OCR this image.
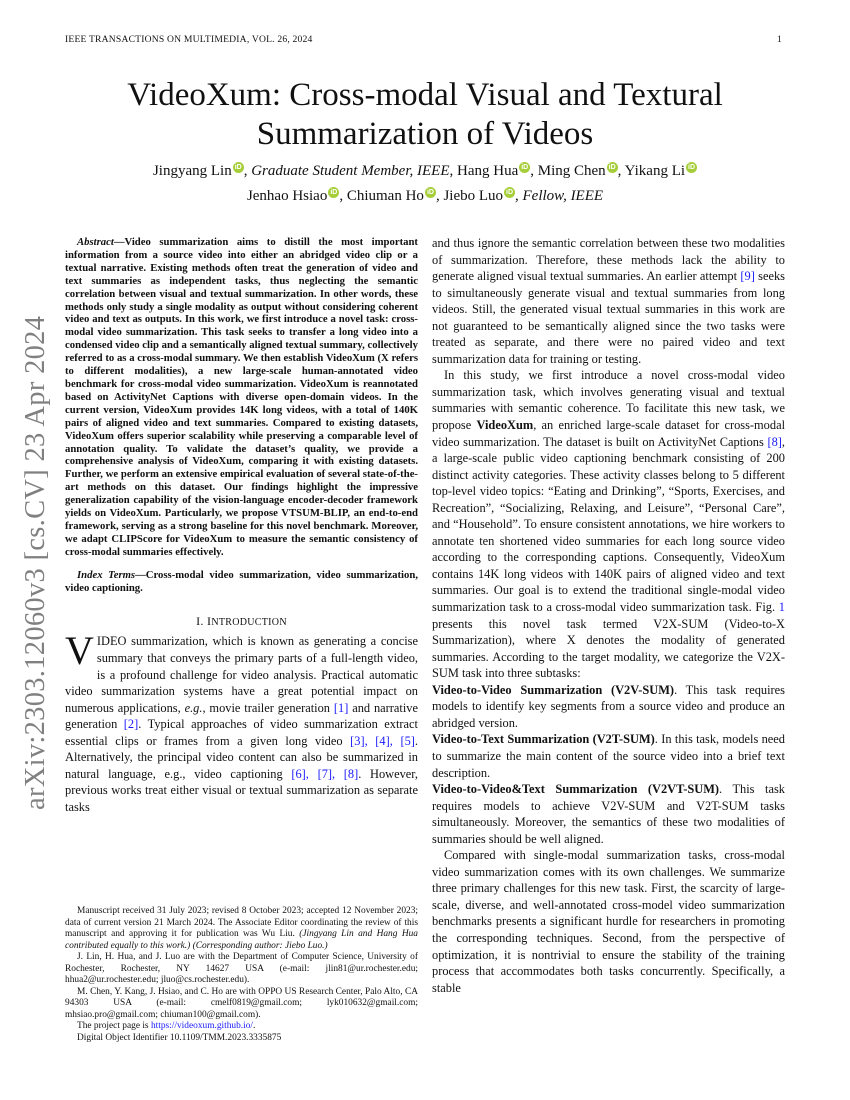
IEEE TRANSACTIONS ON MULTIMEDIA, VOL. 26, 2024	1
arXiv:2303.12060v3 [cs.CV] 23 Apr 2024
VideoXum: Cross-modal Visual and Textural
Summarization of Videos
Jingyang Lin iD , Graduate Student Member, IEEE, Hang Hua iD , Ming Chen iD , Yikang Li iD
Jenhao Hsiao iD , Chiuman Ho iD , Jiebo Luo iD , Fellow, IEEE

Abstract—Video summarization aims to distill the most important information from a source video into either an abridged video clip or a textual narrative. Existing methods often treat the generation of video and text summaries as independent tasks, thus neglecting the semantic correlation between visual and textual summarization. In other words, these methods only study a single modality as output without considering coherent video and text as outputs. In this work, we first introduce a novel task: cross-modal video summarization. This task seeks to transfer a long video into a condensed video clip and a semantically aligned textual summary, collectively referred to as a cross-modal summary. We then establish VideoXum (X refers to different modalities), a new large-scale human-annotated video benchmark for cross-modal video summarization. VideoXum is reannotated based on ActivityNet Captions with diverse open-domain videos. In the current version, VideoXum provides 14K long videos, with a total of 140K pairs of aligned video and text summaries. Compared to existing datasets, VideoXum offers superior scalability while preserving a comparable level of annotation quality. To validate the dataset’s quality, we provide a comprehensive analysis of VideoXum, comparing it with existing datasets. Further, we perform an extensive empirical evaluation of several state-of-the-art methods on this dataset. Our findings highlight the impressive generalization capability of the vision-language encoder-decoder framework yields on VideoXum. Particularly, we propose VTSUM-BLIP, an end-to-end framework, serving as a strong baseline for this novel benchmark. Moreover, we adapt CLIPScore for VideoXum to measure the semantic consistency of cross-modal summaries effectively.

Index Terms—Cross-modal video summarization, video summarization, video captioning.

I. INTRODUCTION

VIDEO summarization, which is known as generating a concise summary that conveys the primary parts of a full-length video, is a profound challenge for video analysis. Practical automatic video summarization systems have a great potential impact on numerous applications, e.g., movie trailer generation [1] and narrative generation [2]. Typical approaches of video summarization extract essential clips or frames from a given long video [3], [4], [5]. Alternatively, the principal video content can also be summarized in natural language, e.g., video captioning [6], [7], [8]. However, previous works treat either visual or textual summarization as separate tasks

and thus ignore the semantic correlation between these two modalities of summarization. Therefore, these methods lack the ability to generate aligned visual textual summaries. An earlier attempt [9] seeks to simultaneously generate visual and textual summaries from long videos. Still, the generated visual textual summaries in this work are not guaranteed to be semantically aligned since the two tasks were treated as separate, and there were no paired video and text summarization data for training or testing.

In this study, we first introduce a novel cross-modal video summarization task, which involves generating visual and textual summaries with semantic coherence. To facilitate this new task, we propose VideoXum, an enriched large-scale dataset for cross-modal video summarization. The dataset is built on ActivityNet Captions [8], a large-scale public video captioning benchmark consisting of 200 distinct activity categories. These activity classes belong to 5 different top-level video topics: “Eating and Drinking”, “Sports, Exercises, and Recreation”, “Socializing, Relaxing, and Leisure”, “Personal Care”, and “Household”. To ensure consistent annotations, we hire workers to annotate ten shortened video summaries for each long source video according to the corresponding captions. Consequently, VideoXum contains 14K long videos with 140K pairs of aligned video and text summaries. Our goal is to extend the traditional single-modal video summarization task to a cross-modal video summarization task. Fig. 1 presents this novel task termed V2X-SUM (Video-to-X Summarization), where X denotes the modality of generated summaries. According to the target modality, we categorize the V2X-SUM task into three subtasks:

Video-to-Video Summarization (V2V-SUM). This task requires models to identify key segments from a source video and produce an abridged version.

Video-to-Text Summarization (V2T-SUM). In this task, models need to summarize the main content of the source video into a brief text description.

Video-to-Video&Text Summarization (V2VT-SUM). This task requires models to achieve V2V-SUM and V2T-SUM tasks simultaneously. Moreover, the semantics of these two modalities of summaries should be well aligned.

Compared with single-modal summarization tasks, cross-modal video summarization comes with its own challenges. We summarize three primary challenges for this new task. First, the scarcity of large-scale, diverse, and well-annotated cross-model video summarization benchmarks presents a significant hurdle for researchers in promoting the corresponding techniques. Second, from the perspective of optimization, it is nontrivial to ensure the stability of the training process that accommodates both tasks concurrently. Specifically, a stable

Manuscript received 31 July 2023; revised 8 October 2023; accepted 12 November 2023; data of current version 21 March 2024. The Associate Editor coordinating the review of this manuscript and approving it for publication was Wu Liu. (Jingyang Lin and Hang Hua contributed equally to this work.) (Corresponding author: Jiebo Luo.)

J. Lin, H. Hua, and J. Luo are with the Department of Computer Science, University of Rochester, Rochester, NY 14627 USA (e-mail: jlin81@ur.rochester.edu; hhua2@ur.rochester.edu; jluo@cs.rochester.edu).

M. Chen, Y. Kang, J. Hsiao, and C. Ho are with OPPO US Research Center, Palo Alto, CA 94303 USA (e-mail: cmelf0819@gmail.com; lyk010632@gmail.com; mhsiao.pro@gmail.com; chiuman100@gmail.com).

The project page is https://videoxum.github.io/.

Digital Object Identifier 10.1109/TMM.2023.3335875
